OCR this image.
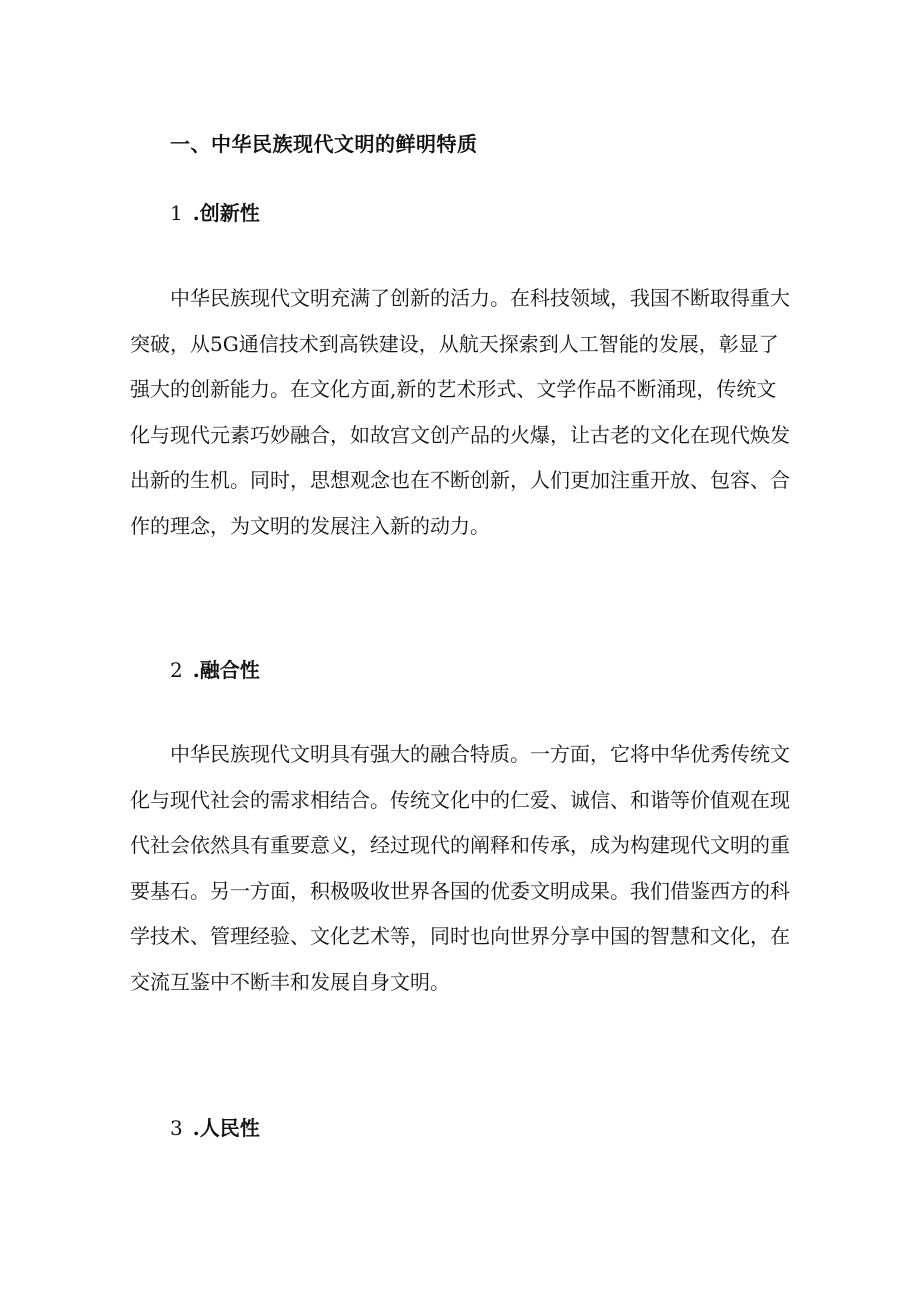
一、中华民族现代文明的鲜明特质
1 .创新性
中华民族现代文明充满了创新的活力。在科技领域，我国不断取得重大
突破，从5G通信技术到高铁建设，从航天探索到人工智能的发展，彰显了
强大的创新能力。在文化方面,新的艺术形式、文学作品不断涌现，传统文
化与现代元素巧妙融合，如故宫文创产品的火爆，让古老的文化在现代焕发
出新的生机。同时，思想观念也在不断创新，人们更加注重开放、包容、合
作的理念，为文明的发展注入新的动力。
2 .融合性
中华民族现代文明具有强大的融合特质。一方面，它将中华优秀传统文
化与现代社会的需求相结合。传统文化中的仁爱、诚信、和谐等价值观在现
代社会依然具有重要意义，经过现代的阐释和传承，成为构建现代文明的重
要基石。另一方面，积极吸收世界各国的优委文明成果。我们借鉴西方的科
学技术、管理经验、文化艺术等，同时也向世界分享中国的智慧和文化，在
交流互鉴中不断丰和发展自身文明。
3 .人民性
